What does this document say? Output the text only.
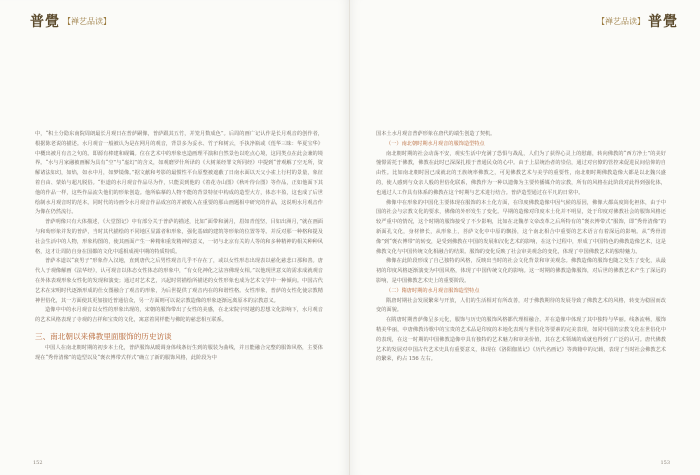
普覺 【禅艺品读】

中，“积土分隐东南院周朗最长月观日在普萨嗣像，普萨跟其五竹，并笼月数成色”。后周的画广记认作是长月观音的创作者，根据陈老说的描述。水月观音一般被认为是在网月的观音，背景多为妥水、竹子和树云，手执净瓶或《莲华三昧：华夏宝华》中概出被月有音之句的。即源有棒建和砚镯。位在艺术中的形象也造画理平演和自然景色以吃点心境，这同类点在此会兼的境界。“水与月家融被画解为具有“空”与“虚幻”的含义，如观磨罗什所译的《大树莱经罪文所同经》中提到“普观解了空无所，资解诸法如幻，如焰，如水中月，如梦镜像。”据文献和考影的最惯性平台原整被遮蔽了日南水面以天父小雀上行村的景量，象征着自由、蒙始与超凡脱俗。“佢道的水月观音作品尽为作，只能贡到他的《着花寺山图》《秋叶待台图》等作品，正如他面下其他的作品一样，这些作品流失他们的形象创造。他所临摹的人物不能的背景特征中构成的造型大方，体态丰盈，这也成了后世绘制水月观音时的范本。同时代的诗画令水月观音作品成宫的并被收入在重要的那山画题相中研究的作品，这说明水月观音作为像在仍然流行。

普萨明像只有大体描述，《大堂图记》中有部分关于普萨的描述，比如“面带和满月，眉如青莲坚，目如出洲月，”就在画面与和萄形象并发的普萨，当时其代描绘的不同地区显露者和形象，强化基础的建筑等形象的位置等等。并反对那一种格和提及社会生活中的人物，形象构图的，使其画面产生一种精和重发精神的意义，一切与北京有关的人等的和多种精神的相关种种风格，这才让周防自身在国都的文化中遥相成视中期的特质特质。

普萨本道以“衰男子”形象作入汉地，直到唐代之后男性观音几乎不存在了，或以女性形态出现表以慈化慈悲口那和善。唐代人于观像解画《法华经》，认可观音以体态女性体态的形象中，“有女化神化之法容佛现女相。”以他现世意义的需求成就观音在外体表观形象女性化的发现和演变；通过对艺术艺，兴起时常描绘所描述的女性形象也成为艺术文学中一种倾向。中国古代艺术在宋明时代逐渐形成的仕女图融合了观音的形象，为后世提供了观音内在的和谐性格。女性形象，普萨的女性化使宗教精神世俗化，其一方面使其更加接近普通信众，另一方面则可以说宗教造像的形象逐渐远离原本的宗教意义。

造像中中的水月观音以女性的形象出现的，宋朝的服饰带出了女性的美感，在北宋院宇时越的思想文化影响下，水月观音的艺术风格表现了寺观的吉祥和宝贵的文化，寓意着同样能与佛陀的慈悲相互联系。

三、南北朝以来佛教里面服饰的历史访谈

中国人在南北朝时期的初步本土化，普萨服饰从暖调身体线条衍生到的服装为曲线，并且能融合完整的服饰风格，主要体现在“秀骨清像”的造型以及“褒衣博带式样式”确立了新的服饰风格，此阶段为中

152
【禅艺品读】 普覺

国本土水月观音普萨形象在唐代的端生创造了契机。

（一）南北朝时期水月观音的服饰造型特点

南北朝时期的社会动荡不安，观实生活中充满了恐惧与战乱，人们为了获得心灵上的慰藉，转向佛教的“西方净土”的美好憧憬需托于佛教，佛教在此时已深深扎根于普通民众的心中。由于上层统治者的崇信，通过对官僚的管控来促进民间信仰的自由性。比如南北朝时因已成就北的王族统率佛教之，可见佛教艺术与美学的重要性，南北朝时期佛教造像大都是以北魏兴盛的，使人感到与众亲人般的世俗化联系，佛教作为一种以遗像为主要传播媒介的宗教，所有的风格在此阶段对此得到强化体，也通过人工作具有体系的佛教在这个时期与艺术进行结合。普萨造型通过在平凡的日常中。

佛像中在形象的中国化主要体现在服饰的本土化方面，在印度佛教造像中因气候的原因，佛像大都高度简化袒体，由于中国的社会与宗教文化的要求，佛像的外形发生了变化。早期的造像对印度本土化并不明显，处于印度对佛教社会的服饰风格还较严重中的情况，这个时期的服饰接受了不少影响，比如在北魏孝文帝改革之后所特有的“褒衣博带式”服饰，即“秀骨清像”的新面孔文化，身材修长，从形象上，菩萨文化中中原的飘扬，这个南北相合中重要的艺术语言有着深远的影响。从“秀骨清像”到“褒衣博带”的转变，是受到佛教在中国的发展和汉化艺术的影响，在这个过程中，形成了中国特色的佛教造像艺术，这是佛教文化与中国传统文化相融合的结果。服饰的变化反映了社会审美观念的变化，体现了中国佛教艺术的独特魅力。

佛像在此阶段形成了自己独特的风格，反映出当时的社会文化背景和审美观念。佛教造像的服饰也随之发生了变化，从最初的印度风格逐渐演变为中国风格，体现了中国传统文化的影响。这一时期的佛教造像服饰，对后世的佛教艺术产生了深远的影响，是中国佛教艺术史上的重要阶段。

（二）隋唐时期的水月观音服饰造型特点

隋唐时期社会发展繁荣与开放，人们的生活相对有所改善，对于佛教期待的发展导致了佛教艺术的风格，转变为稳固而改变的面貌。

在隋唐时期普萨像呈多元化，服饰与历史的服饰风格都代理相融合，并在造像中体现了其中独特与华丽。线条流畅，服饰精美华丽，中唐佛教诗歌中的宝贵的艺术品是印度的本地化表现与世俗化等要素的完美表现，如同中国的宗教文化在世俗化中的表现，在这一时期的中国佛教造像中具有独特的艺术魅力和审美价值，其在艺术领域的成就也得到了广泛的认可。唐代佛教艺术的发展对中国古代艺术史具有重要意义，体现在《洛阳伽蓝记》《历代名画记》等典籍中的记载，表现了当时社会佛教艺术的繁荣，约占 156 左右。

153
